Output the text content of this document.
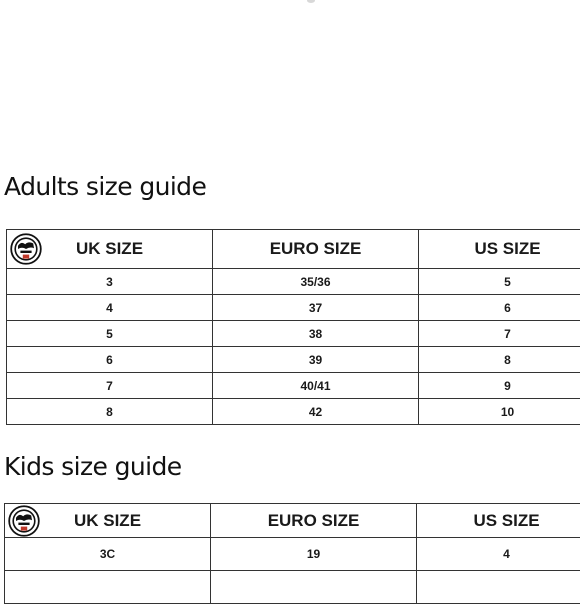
Adults size guide
UK SIZE	EURO SIZE	US SIZE
3	35/36	5
4	37	6
5	38	7
6	39	8
7	40/41	9
8	42	10
Kids size guide
UK SIZE	EURO SIZE	US SIZE
3C	19	4
